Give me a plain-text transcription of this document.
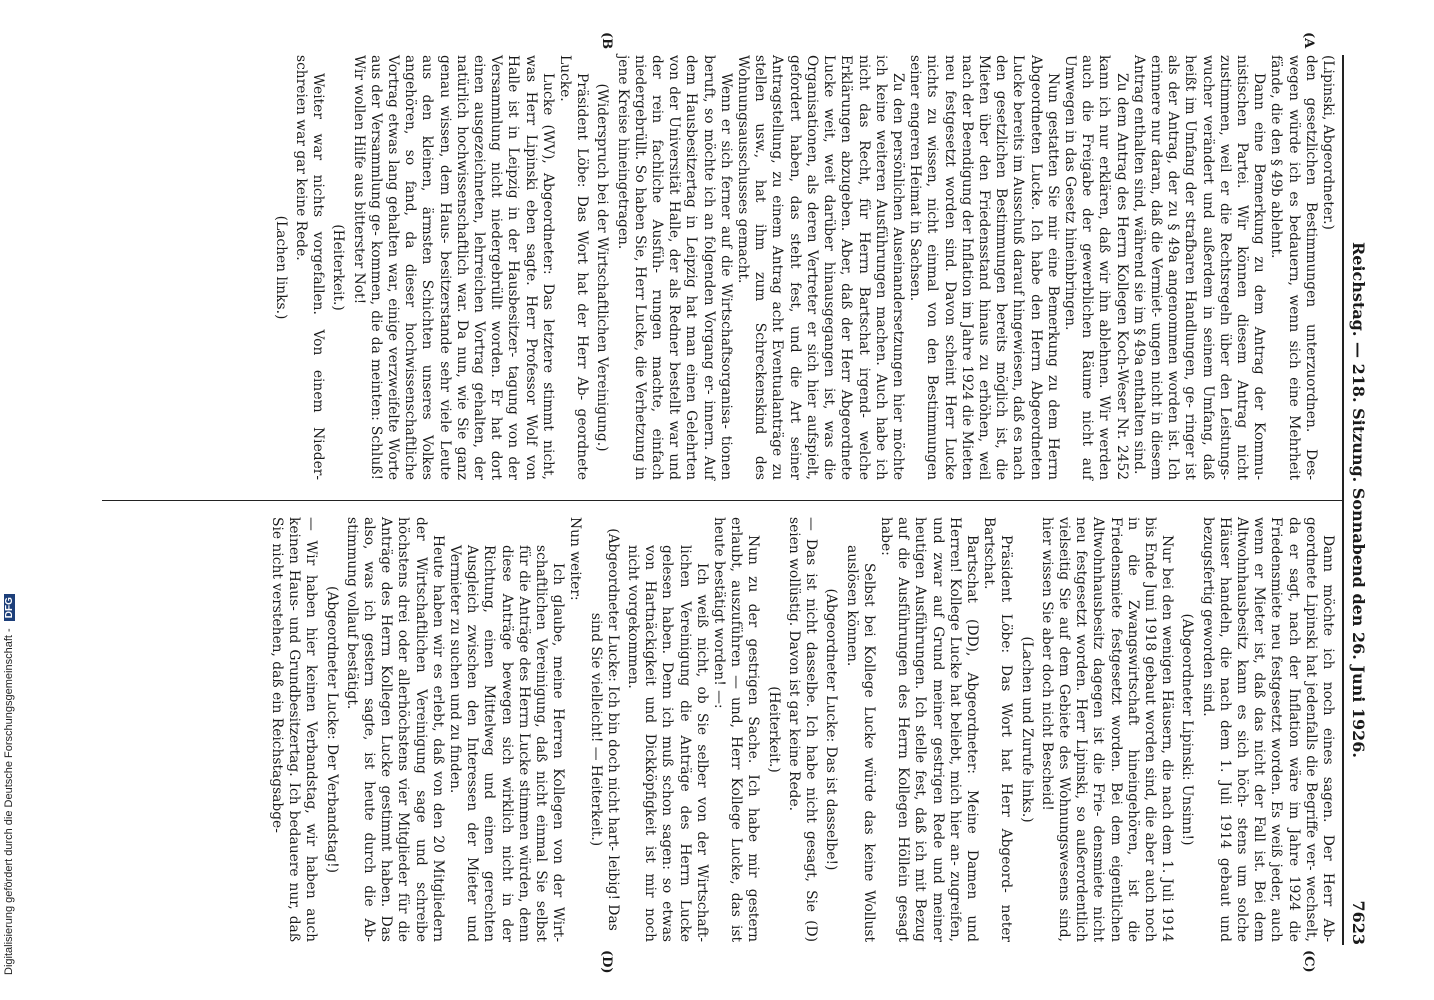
Reichstag. — 218. Sitzung. Sonnabend den 26. Juni 1926.
7623
(A
(B
(C)
(D)

(Lipinski, Abgeordneter.)

den gesetzlichen Bestimmungen unterzuordnen. Des- wegen würde ich es bedauern, wenn sich eine Mehrheit fände, die den § 49b ablehnt.

Dann eine Bemerkung zu dem Antrag der Kommu- nistischen Partei. Wir können diesem Antrag nicht zustimmen, weil er die Rechtsregeln über den Leistungs- wucher verändert und außerdem in seinem Umfang, daß heißt im Umfang der strafbaren Handlungen, ge- ringer ist als der Antrag, der zu § 49a angenommen worden ist. Ich erinnere nur daran, daß die Vermiet- ungen nicht in diesem Antrag enthalten sind, während sie im § 49a enthalten sind.

Zu dem Antrag des Herrn Kollegen Koch-Weser Nr. 2452 kann ich nur erklären, daß wir ihn ablehnen. Wir werden auch die Freigabe der gewerblichen Räume nicht auf Umwegen in das Gesetz hineinbringen.

Nun gestatten Sie mir eine Bemerkung zu dem Herrn Abgeordneten Lucke. Ich habe den Herrn Abgeordneten Lucke bereits im Ausschuß darauf hingewiesen, daß es nach den gesetzlichen Bestimmungen bereits möglich ist, die Mieten über den Friedensstand hinaus zu erhöhen, weil nach der Beendigung der Inflation im Jahre 1924 die Mieten neu festgesetzt worden sind. Davon scheint Herr Lucke nichts zu wissen, nicht einmal von den Bestimmungen seiner engeren Heimat in Sachsen.

Zu den persönlichen Auseinandersetzungen hier möchte ich keine weiteren Ausführungen machen. Auch habe ich nicht das Recht, für Herrn Bartschat irgend- welche Erklärungen abzugeben. Aber, daß der Herr Abgeordnete Lucke weit, weit darüber hinausgegangen ist, was die Organisationen, als deren Vertreter er sich hier aufspielt, gefordert haben, das steht fest, und die Art seiner Antragstellung, zu einem Antrag acht Eventualanträge zu stellen usw., hat ihm zum Schreckenskind des Wohnungsausschusses gemacht.

Wenn er sich ferner auf die Wirtschaftsorganisa- tionen beruft, so möchte ich an folgenden Vorgang er- innern. Auf dem Hausbesitzertag in Leipzig hat man einen Gelehrten von der Universität Halle, der als Redner bestellt war und der rein fachliche Ausfüh- rungen machte, einfach niedergebrüllt. So haben Sie, Herr Lucke, die Verhetzung in jene Kreise hineingetragen.

(Widerspruch bei der Wirtschaftlichen Vereinigung.)

Präsident Löbe: Das Wort hat der Herr Ab- geordnete Lucke.

Lucke (WV), Abgeordneter: Das letztere stimmt nicht, was Herr Lipinski eben sagte. Herr Professor Wolf von Halle ist in Leipzig in der Hausbesitzer- tagung von der Versammlung nicht niedergebrüllt worden. Er hat dort einen ausgezeichneten, lehrreichen Vortrag gehalten, der natürlich hochwissenschaftlich war. Da nun, wie Sie ganz genau wissen, dem Haus- besitzerstande sehr viele Leute aus den kleinen, ärmsten Schichten unseres Volkes angehören, so fand, da dieser hochwissenschaftliche Vortrag etwas lang gehalten war, einige verzweifelte Worte aus der Versammlung ge- kommen, die da meinten: Schluß! Wir wollen Hilfe aus bitterster Not!

(Heiterkeit.)

Weiter war nichts vorgefallen. Von einem Nieder- schreien war gar keine Rede.

(Lachen links.)

Dann möchte ich noch eines sagen. Der Herr Ab- geordnete Lipinski hat jedenfalls die Begriffe ver- wechselt, da er sagt, nach der Inflation wäre im Jahre 1924 die Friedensmiete neu festgesetzt worden. Es weiß jeder, auch wenn er Mieter ist, daß das nicht der Fall ist. Bei dem Altwohnhausbesitz kann es sich höch- stens um solche Häuser handeln, die nach dem 1. Juli 1914 gebaut und bezugsfertig geworden sind.

(Abgeordneter Lipinski: Unsinn!)

Nur bei den wenigen Häusern, die nach dem 1. Juli 1914 bis Ende Juni 1918 gebaut worden sind, die aber auch noch in die Zwangswirtschaft hineingehören, ist die Friedensmiete festgesetzt worden. Bei dem eigentlichen Altwohnhausbesitz dagegen ist die Frie- densmiete nicht neu festgesetzt worden. Herr Lipinski, so außerordentlich vielseitig Sie auf dem Gebiete des Wohnungswesens sind, hier wissen Sie aber doch nicht Bescheid!

(Lachen und Zurufe links.)

Präsident Löbe: Das Wort hat Herr Abgeord- neter Bartschat.

Bartschat (DD), Abgeordneter: Meine Damen und Herren! Kollege Lucke hat beliebt, mich hier an- zugreifen, und zwar auf Grund meiner gestrigen Rede und meiner heutigen Ausführungen. Ich stelle fest, daß ich mit Bezug auf die Ausführungen des Herrn Kollegen Höllein gesagt habe:

Selbst bei Kollege Lucke würde das keine Wollust auslösen können.

(Abgeordneter Lucke: Das ist dasselbe!)

— Das ist nicht dasselbe. Ich habe nicht gesagt, Sie (D) seien wollüstig. Davon ist gar keine Rede.

(Heiterkeit.)

Nun zu der gestrigen Sache. Ich habe mir gestern erlaubt, auszuführen — und, Herr Kollege Lucke, das ist heute bestätigt worden! —:

Ich weiß nicht, ob Sie selber von der Wirtschaft- lichen Vereinigung die Anträge des Herrn Lucke gelesen haben. Denn ich muß schon sagen: so etwas von Hartnäckigkeit und Dickköpfigkeit ist mir noch nicht vorgekommen.

(Abgeordneter Lucke: Ich bin doch nicht hart- leibig! Das sind Sie vielleicht! — Heiterkeit.)

Nun weiter:

Ich glaube, meine Herren Kollegen von der Wirt- schaftlichen Vereinigung, daß nicht einmal Sie selbst für die Anträge des Herrn Lucke stimmen würden, denn diese Anträge bewegen sich wirklich nicht in der Richtung, einen Mittelweg und einen gerechten Ausgleich zwischen den Interessen der Mieter und Vermieter zu suchen und zu finden.

Heute haben wir es erlebt, daß von den 20 Mitgliedern der Wirtschaftlichen Vereinigung sage und schreibe höchstens drei oder allerhöchstens vier Mitglieder für die Anträge des Herrn Kollegen Lucke gestimmt haben. Das also, was ich gestern sagte, ist heute durch die Ab- stimmung vollauf bestätigt.

(Abgeordneter Lucke: Der Verbandstag!)

— Wir haben hier keinen Verbandstag, wir haben auch keinen Haus- und Grundbesitzertag. Ich bedauere nur, daß Sie nicht verstehen, daß ein Reichstagsabge-

Digitalisierung gefördert durch die Deutsche Forschungsgemeinschaft - DFG
